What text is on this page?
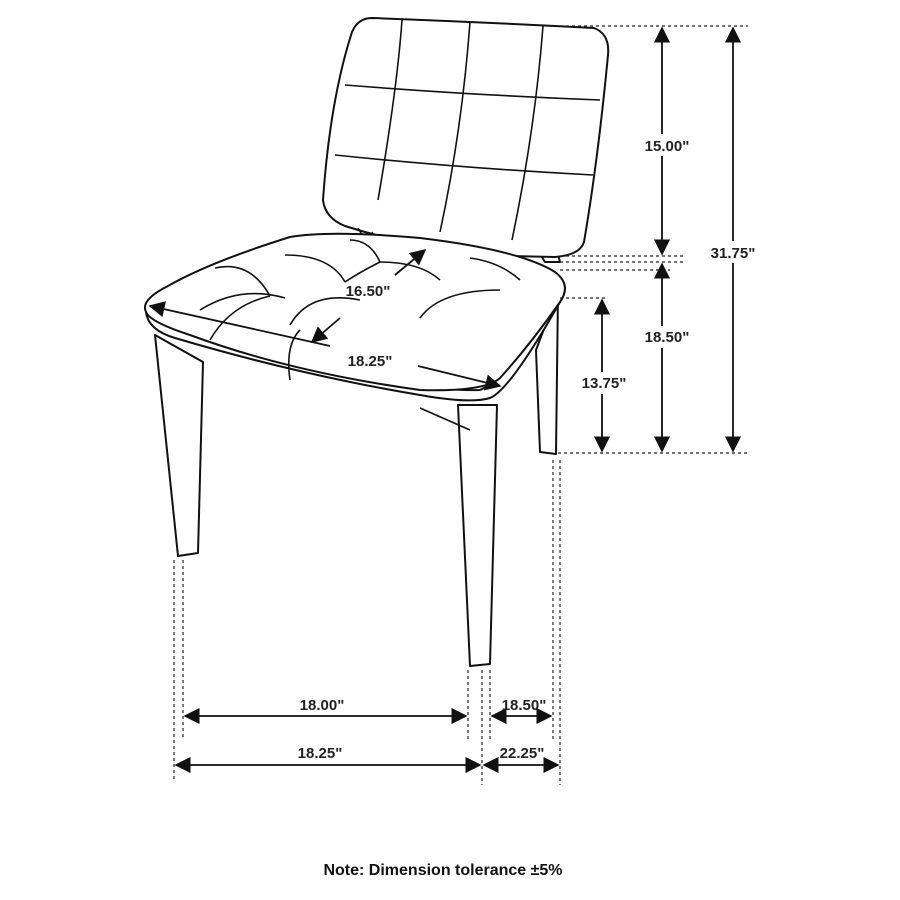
15.00"
31.75"
18.50"
13.75"
16.50"
18.25"
18.00"
18.25"
18.50"
22.25"
Note: Dimension tolerance ±5%
